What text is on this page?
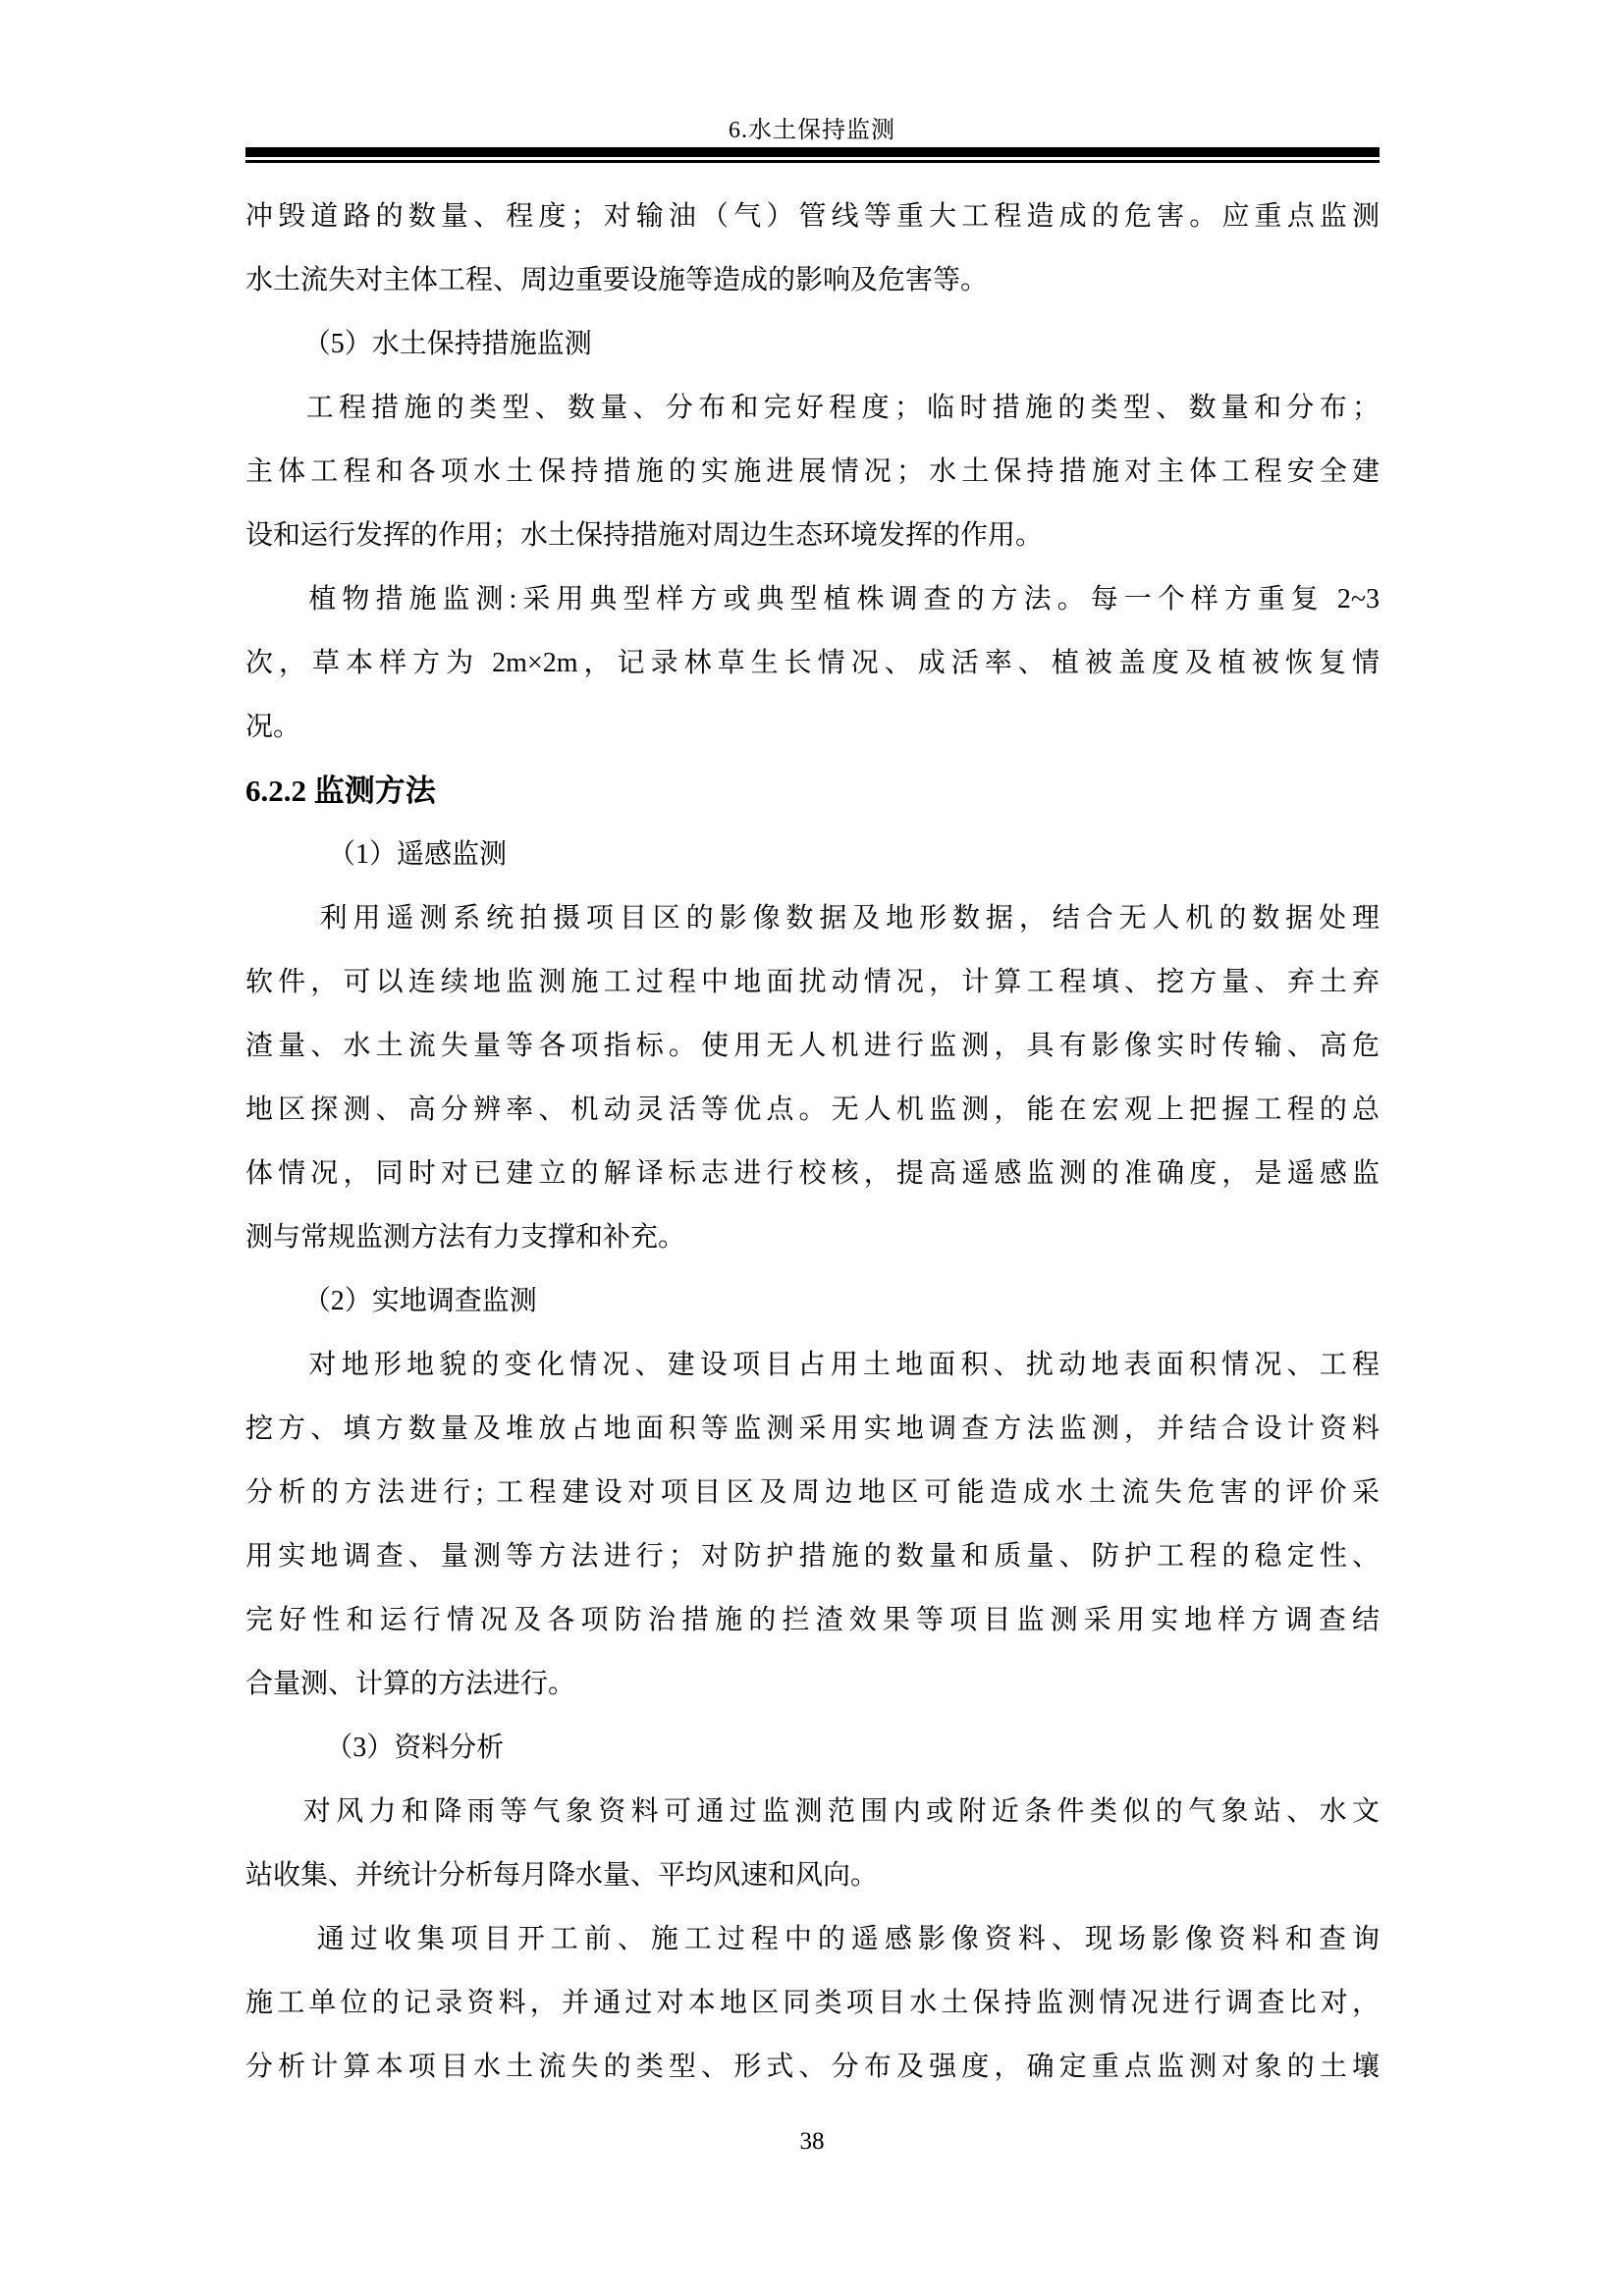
6.水土保持监测
冲毁道路的数量、程度；对输油（气）管线等重大工程造成的危害。应重点监测
水土流失对主体工程、周边重要设施等造成的影响及危害等。
（5）水土保持措施监测
工程措施的类型、数量、分布和完好程度；临时措施的类型、数量和分布；
主体工程和各项水土保持措施的实施进展情况；水土保持措施对主体工程安全建
设和运行发挥的作用；水土保持措施对周边生态环境发挥的作用。
植物措施监测:采用典型样方或典型植株调查的方法。每一个样方重复 2~3
次，草本样方为 2m×2m，记录林草生长情况、成活率、植被盖度及植被恢复情
况。
6.2.2 监测方法
（1）遥感监测
利用遥测系统拍摄项目区的影像数据及地形数据，结合无人机的数据处理
软件，可以连续地监测施工过程中地面扰动情况，计算工程填、挖方量、弃土弃
渣量、水土流失量等各项指标。使用无人机进行监测，具有影像实时传输、高危
地区探测、高分辨率、机动灵活等优点。无人机监测，能在宏观上把握工程的总
体情况，同时对已建立的解译标志进行校核，提高遥感监测的准确度，是遥感监
测与常规监测方法有力支撑和补充。
（2）实地调查监测
对地形地貌的变化情况、建设项目占用土地面积、扰动地表面积情况、工程
挖方、填方数量及堆放占地面积等监测采用实地调查方法监测，并结合设计资料
分析的方法进行; 工程建设对项目区及周边地区可能造成水土流失危害的评价采
用实地调查、量测等方法进行；对防护措施的数量和质量、防护工程的稳定性、
完好性和运行情况及各项防治措施的拦渣效果等项目监测采用实地样方调查结
合量测、计算的方法进行。
（3）资料分析
对风力和降雨等气象资料可通过监测范围内或附近条件类似的气象站、水文
站收集、并统计分析每月降水量、平均风速和风向。
通过收集项目开工前、施工过程中的遥感影像资料、现场影像资料和查询
施工单位的记录资料，并通过对本地区同类项目水土保持监测情况进行调查比对，
分析计算本项目水土流失的类型、形式、分布及强度，确定重点监测对象的土壤
38
